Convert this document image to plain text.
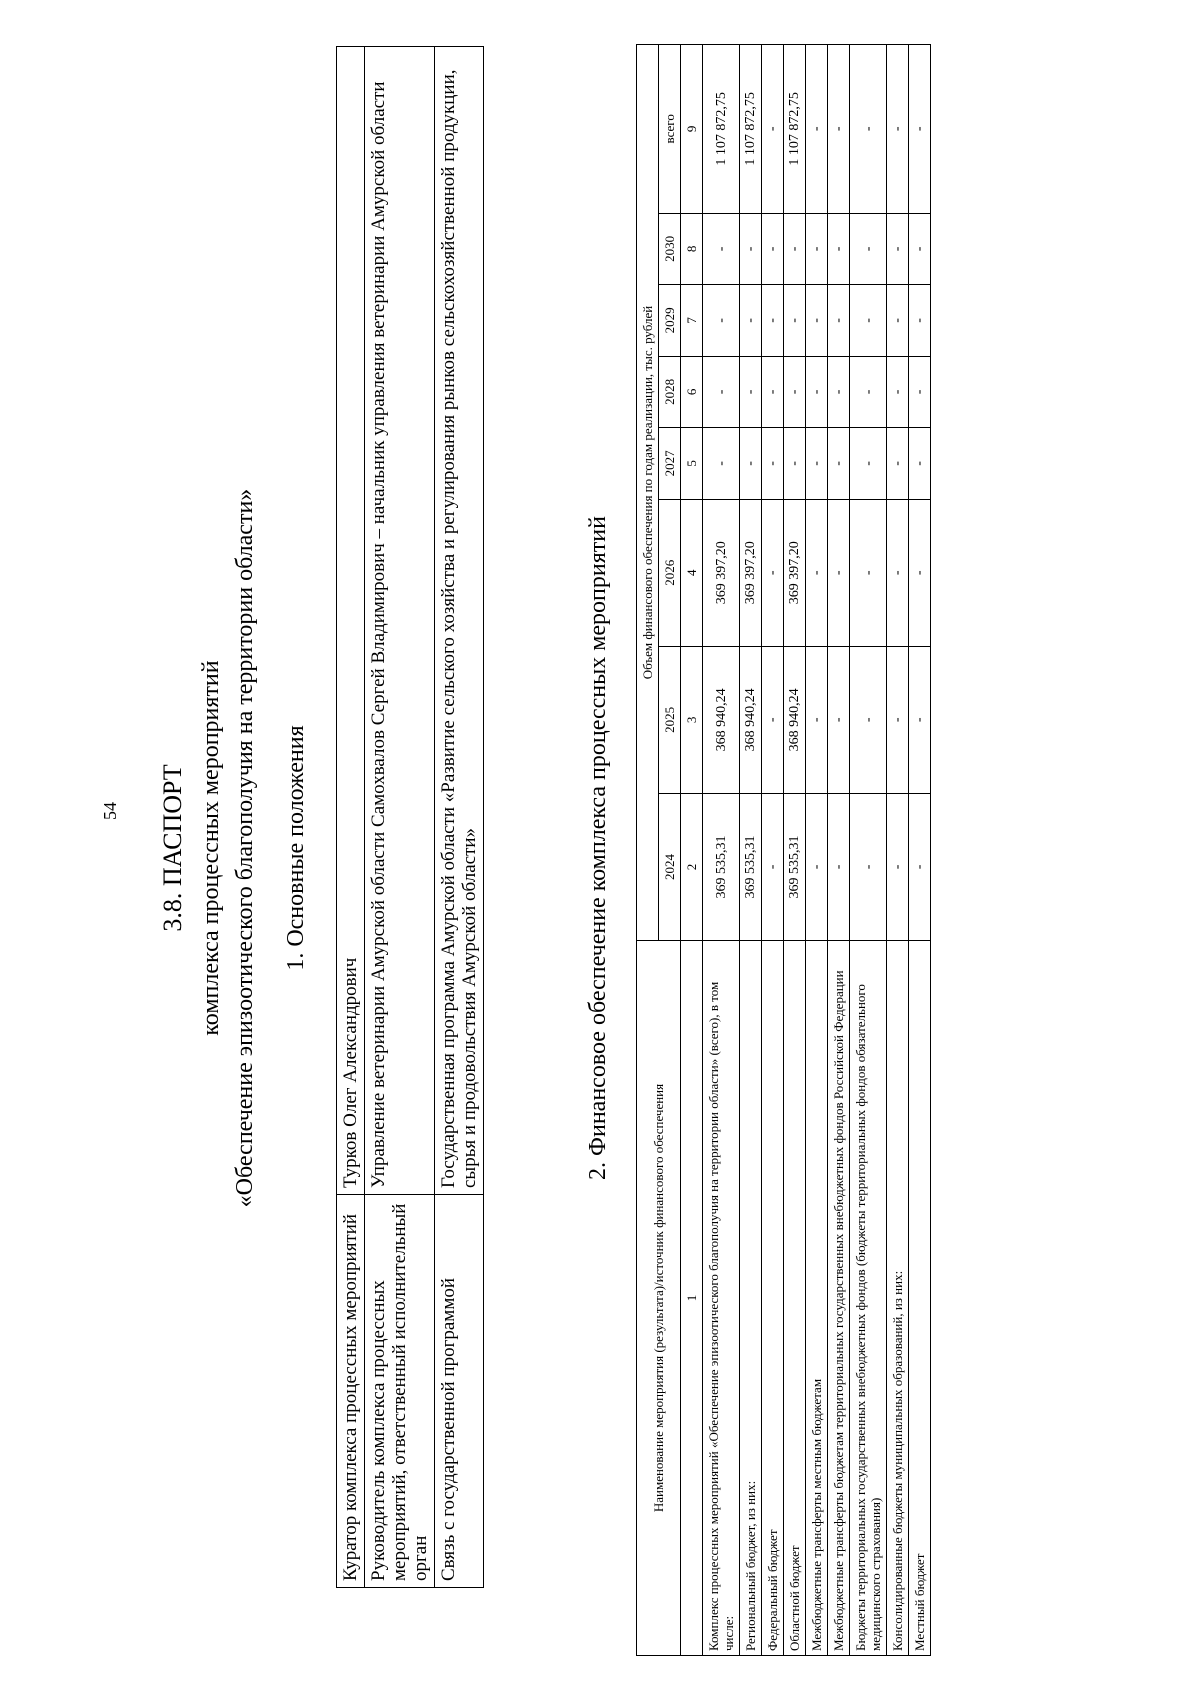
54 3.8. ПАСПОРТ комплекса процессных мероприятий «Обеспечение эпизоотического благополучия на территории области» 1. Основные положения
Куратор комплекса процессных мероприятий	Турков Олег Александрович
Руководитель комплекса процессных мероприятий, ответственный исполнительный орган	Управление ветеринарии Амурской области Самохвалов Сергей Владимирович – начальник управления ветеринарии Амурской области
Связь с государственной программой	Государственная программа Амурской области «Развитие сельского хозяйства и регулирования рынков сельскохозяйственной продукции, сырья и продовольствия Амурской области»	2. Финансовое обеспечение комплекса процессных мероприятий
Наименование мероприятия (результата)/источник финансового обеспечения	Объем финансового обеспечения по годам реализации, тыс. рублей							
	2024	2025	2026	2027	2028	2029	2030	всего
1	2	3	4	5	6	7	8	9
Комплекс процессных мероприятий «Обеспечение эпизоотического благополучия на территории области» (всего), в том числе:	369 535,31	368 940,24	369 397,20	-	-	-	-	1 107 872,75
Региональный бюджет, из них:	369 535,31	368 940,24	369 397,20	-	-	-	-	1 107 872,75
Федеральный бюджет	-	-	-	-	-	-	-	-
Областной бюджет	369 535,31	368 940,24	369 397,20	-	-	-	-	1 107 872,75
Межбюджетные трансферты местным бюджетам	-	-	-	-	-	-	-	-
Межбюджетные трансферты бюджетам территориальных государственных внебюджетных фондов Российской Федерации	-	-	-	-	-	-	-	-
Бюджеты территориальных государственных внебюджетных фондов (бюджеты территориальных фондов обязательного медицинского страхования)	-	-	-	-	-	-	-	-
Консолидированные бюджеты муниципальных образований, из них:	-	-	-	-	-	-	-	-
Местный бюджет	-	-	-	-	-	-	-	-
